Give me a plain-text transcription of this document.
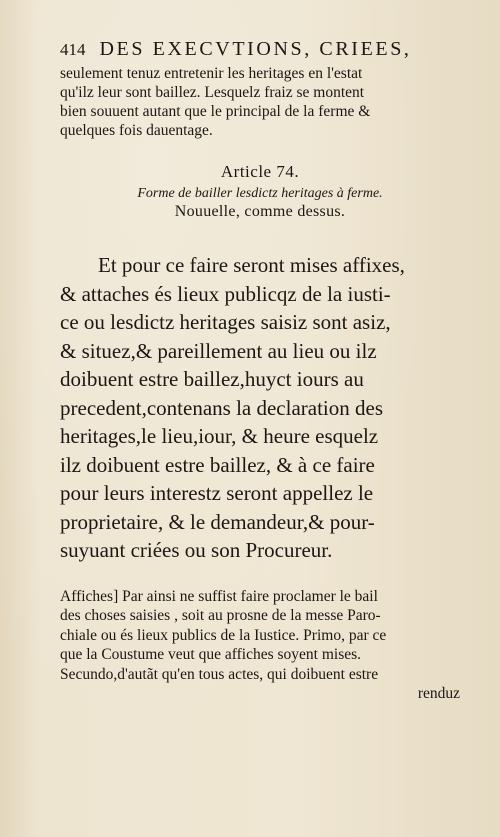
414 DES EXECVTIONS, CRIEES,
seulement tenuz entretenir les heritages en l'estat
qu'ilz leur sont baillez. Lesquelz fraiz se montent
bien souuent autant que le principal de la ferme &
quelques fois dauentage.
Article 74.
Forme de bailler lesdictz heritages à ferme.
Nouuelle, comme dessus.
Et pour ce faire seront mises affixes,
& attaches és lieux publicqz de la iusti-
ce ou lesdictz heritages saisiz sont asiz,
& situez,& pareillement au lieu ou ilz
doibuent estre baillez,huyct iours au
precedent,contenans la declaration des
heritages,le lieu,iour, & heure esquelz
ilz doibuent estre baillez, & à ce faire
pour leurs interestz seront appellez le
proprietaire, & le demandeur,& pour-
suyuant criées ou son Procureur.
Affiches] Par ainsi ne suffist faire proclamer le bail
des choses saisies , soit au prosne de la messe Paro-
chiale ou és lieux publics de la Iustice. Primo, par ce
que la Coustume veut que affiches soyent mises.
Secundo,d'autãt qu'en tous actes, qui doibuent estre
renduz
